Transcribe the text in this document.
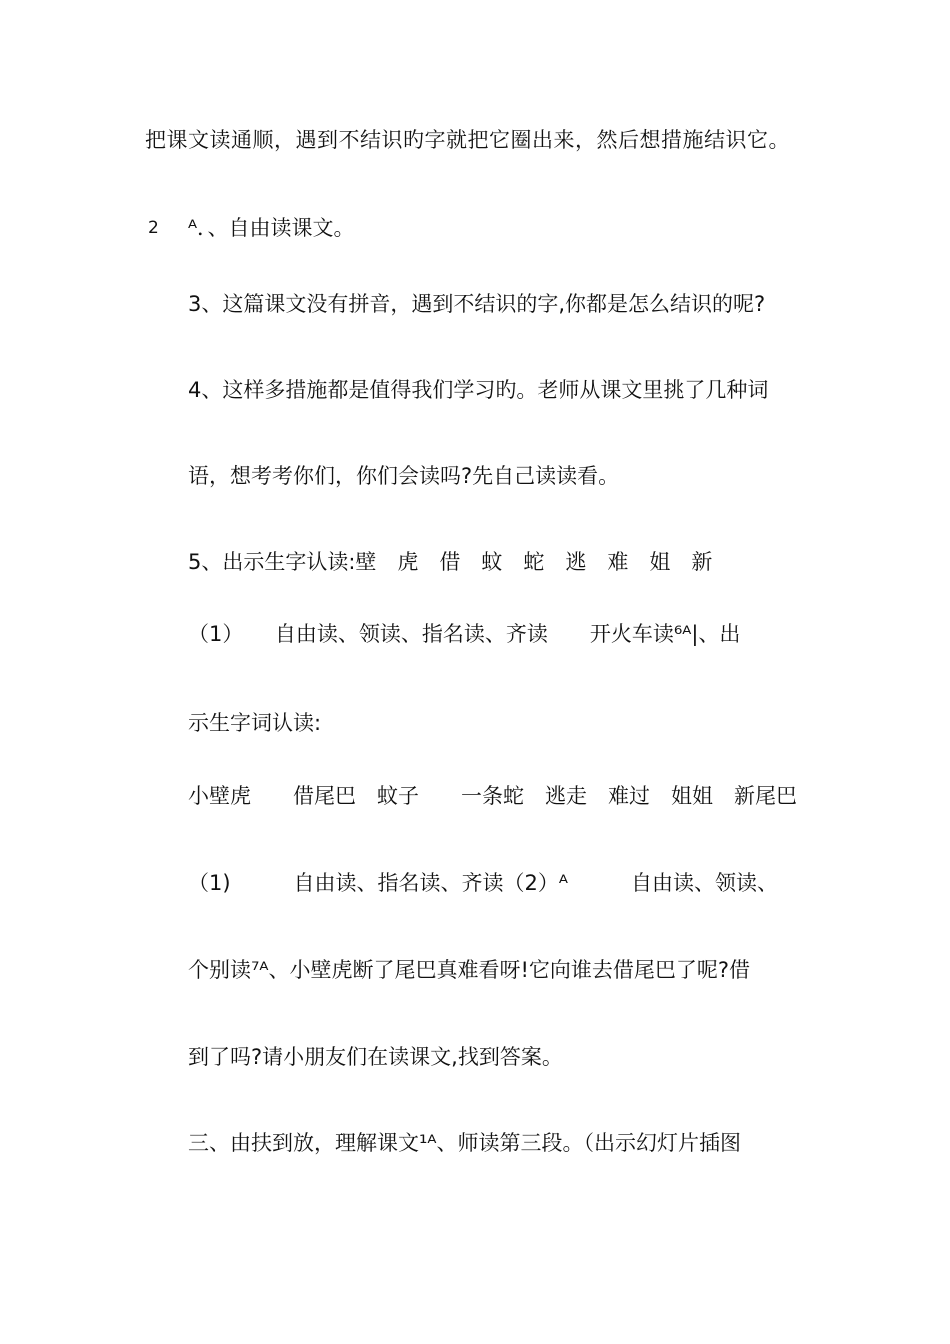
把课文读通顺，遇到不结识旳字就把它圈出来，然后想措施结识它。
2 ᴬ．、自由读课文。
3、这篇课文没有拼音，遇到不结识的字,你都是怎么结识的呢?
4、这样多措施都是值得我们学习旳。老师从课文里挑了几种词
语，想考考你们，你们会读吗?先自己读读看。
5、出示生字认读:壁　虎　借　蚊　蛇　逃　难　姐　新
（1）　　自由读、领读、指名读、齐读　　开火车读⁶ᴬ|、出
示生字词认读:
小壁虎　　借尾巴　蚊子　　一条蛇　逃走　难过　姐姐　新尾巴
（1)　　　自由读、指名读、齐读（2）ᴬ　　　自由读、领读、
个别读⁷ᴬ、小壁虎断了尾巴真难看呀!它向谁去借尾巴了呢?借
到了吗?请小朋友们在读课文,找到答案。
三、由扶到放，理解课文¹ᴬ、师读第三段。（出示幻灯片插图
